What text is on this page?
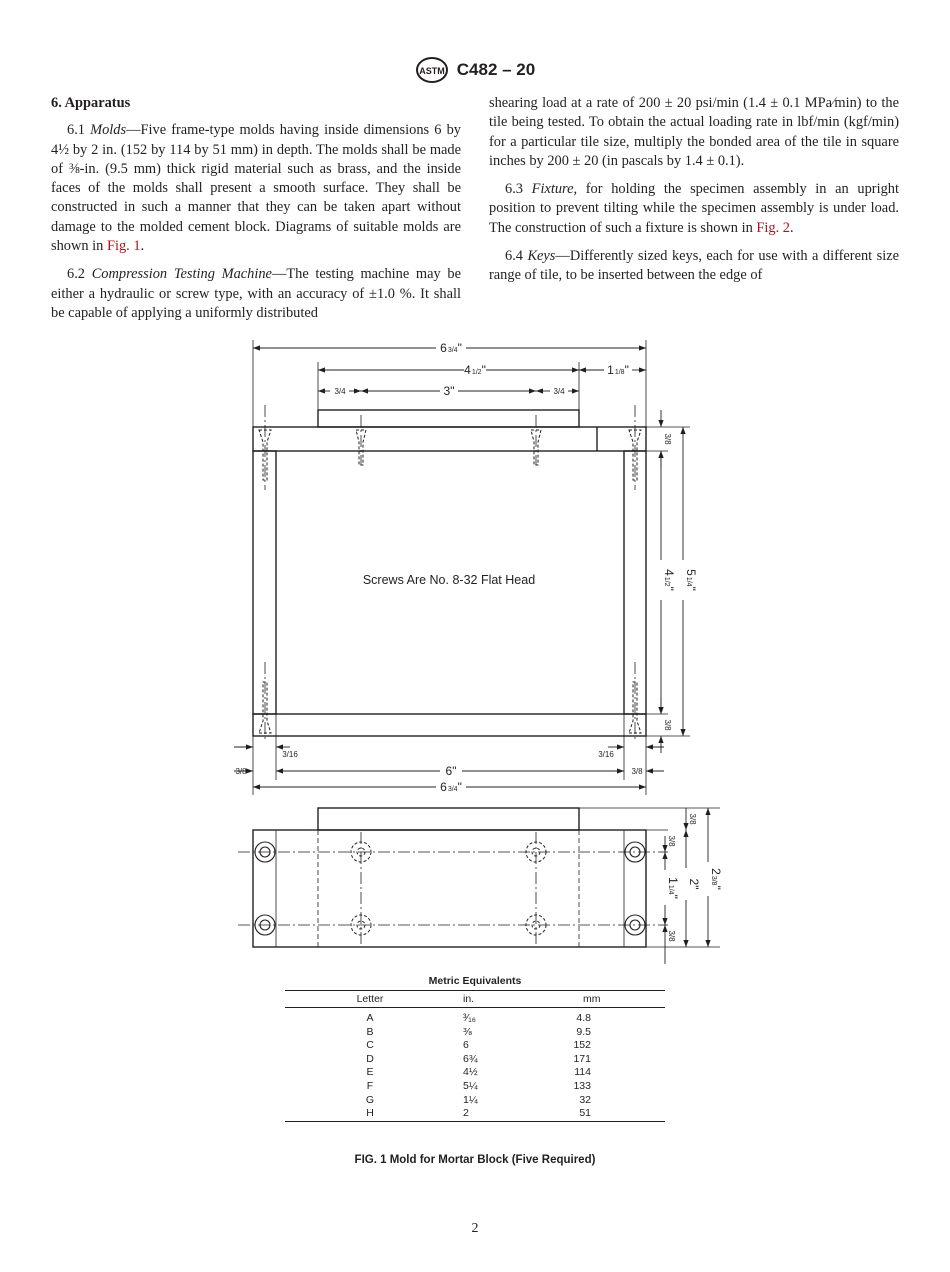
ASTM C482 – 20
6. Apparatus

6.1 Molds—Five frame-type molds having inside dimensions 6 by 4½ by 2 in. (152 by 114 by 51 mm) in depth. The molds shall be made of ⅜-in. (9.5 mm) thick rigid material such as brass, and the inside faces of the molds shall present a smooth surface. They shall be constructed in such a manner that they can be taken apart without damage to the molded cement block. Diagrams of suitable molds are shown in Fig. 1.

6.2 Compression Testing Machine—The testing machine may be either a hydraulic or screw type, with an accuracy of ±1.0 %. It shall be capable of applying a uniformly distributed

shearing load at a rate of 200 ± 20 psi/min (1.4 ± 0.1 MPa⁄min) to the tile being tested. To obtain the actual loading rate in lbf/min (kgf/min) for a particular tile size, multiply the bonded area of the tile in square inches by 200 ± 20 (in pascals by 1.4 ± 0.1).

6.3 Fixture, for holding the specimen assembly in an upright position to prevent tilting while the specimen assembly is under load. The construction of such a fixture is shown in Fig. 2.

6.4 Keys—Differently sized keys, each for use with a different size range of tile, to be inserted between the edge of

63/4"
41/2"	11/8"
3"
3/4	3/4
3/16	3/16
3/8	3/8
6"
63/4"
Screws Are No. 8-32 Flat Head
3/8
3/8
41/2"
51/4"
3/8
3/8
11/4"
3/8
2"
23/8"
Metric Equivalents
Letter	in.	mm
A	³⁄₁₆	4.8
B	⅜	9.5
C	6	152
D	6¾	171
E	4½	114
F	5¼	133
G	1¼	32
H	2	51
FIG. 1 Mold for Mortar Block (Five Required)
2
